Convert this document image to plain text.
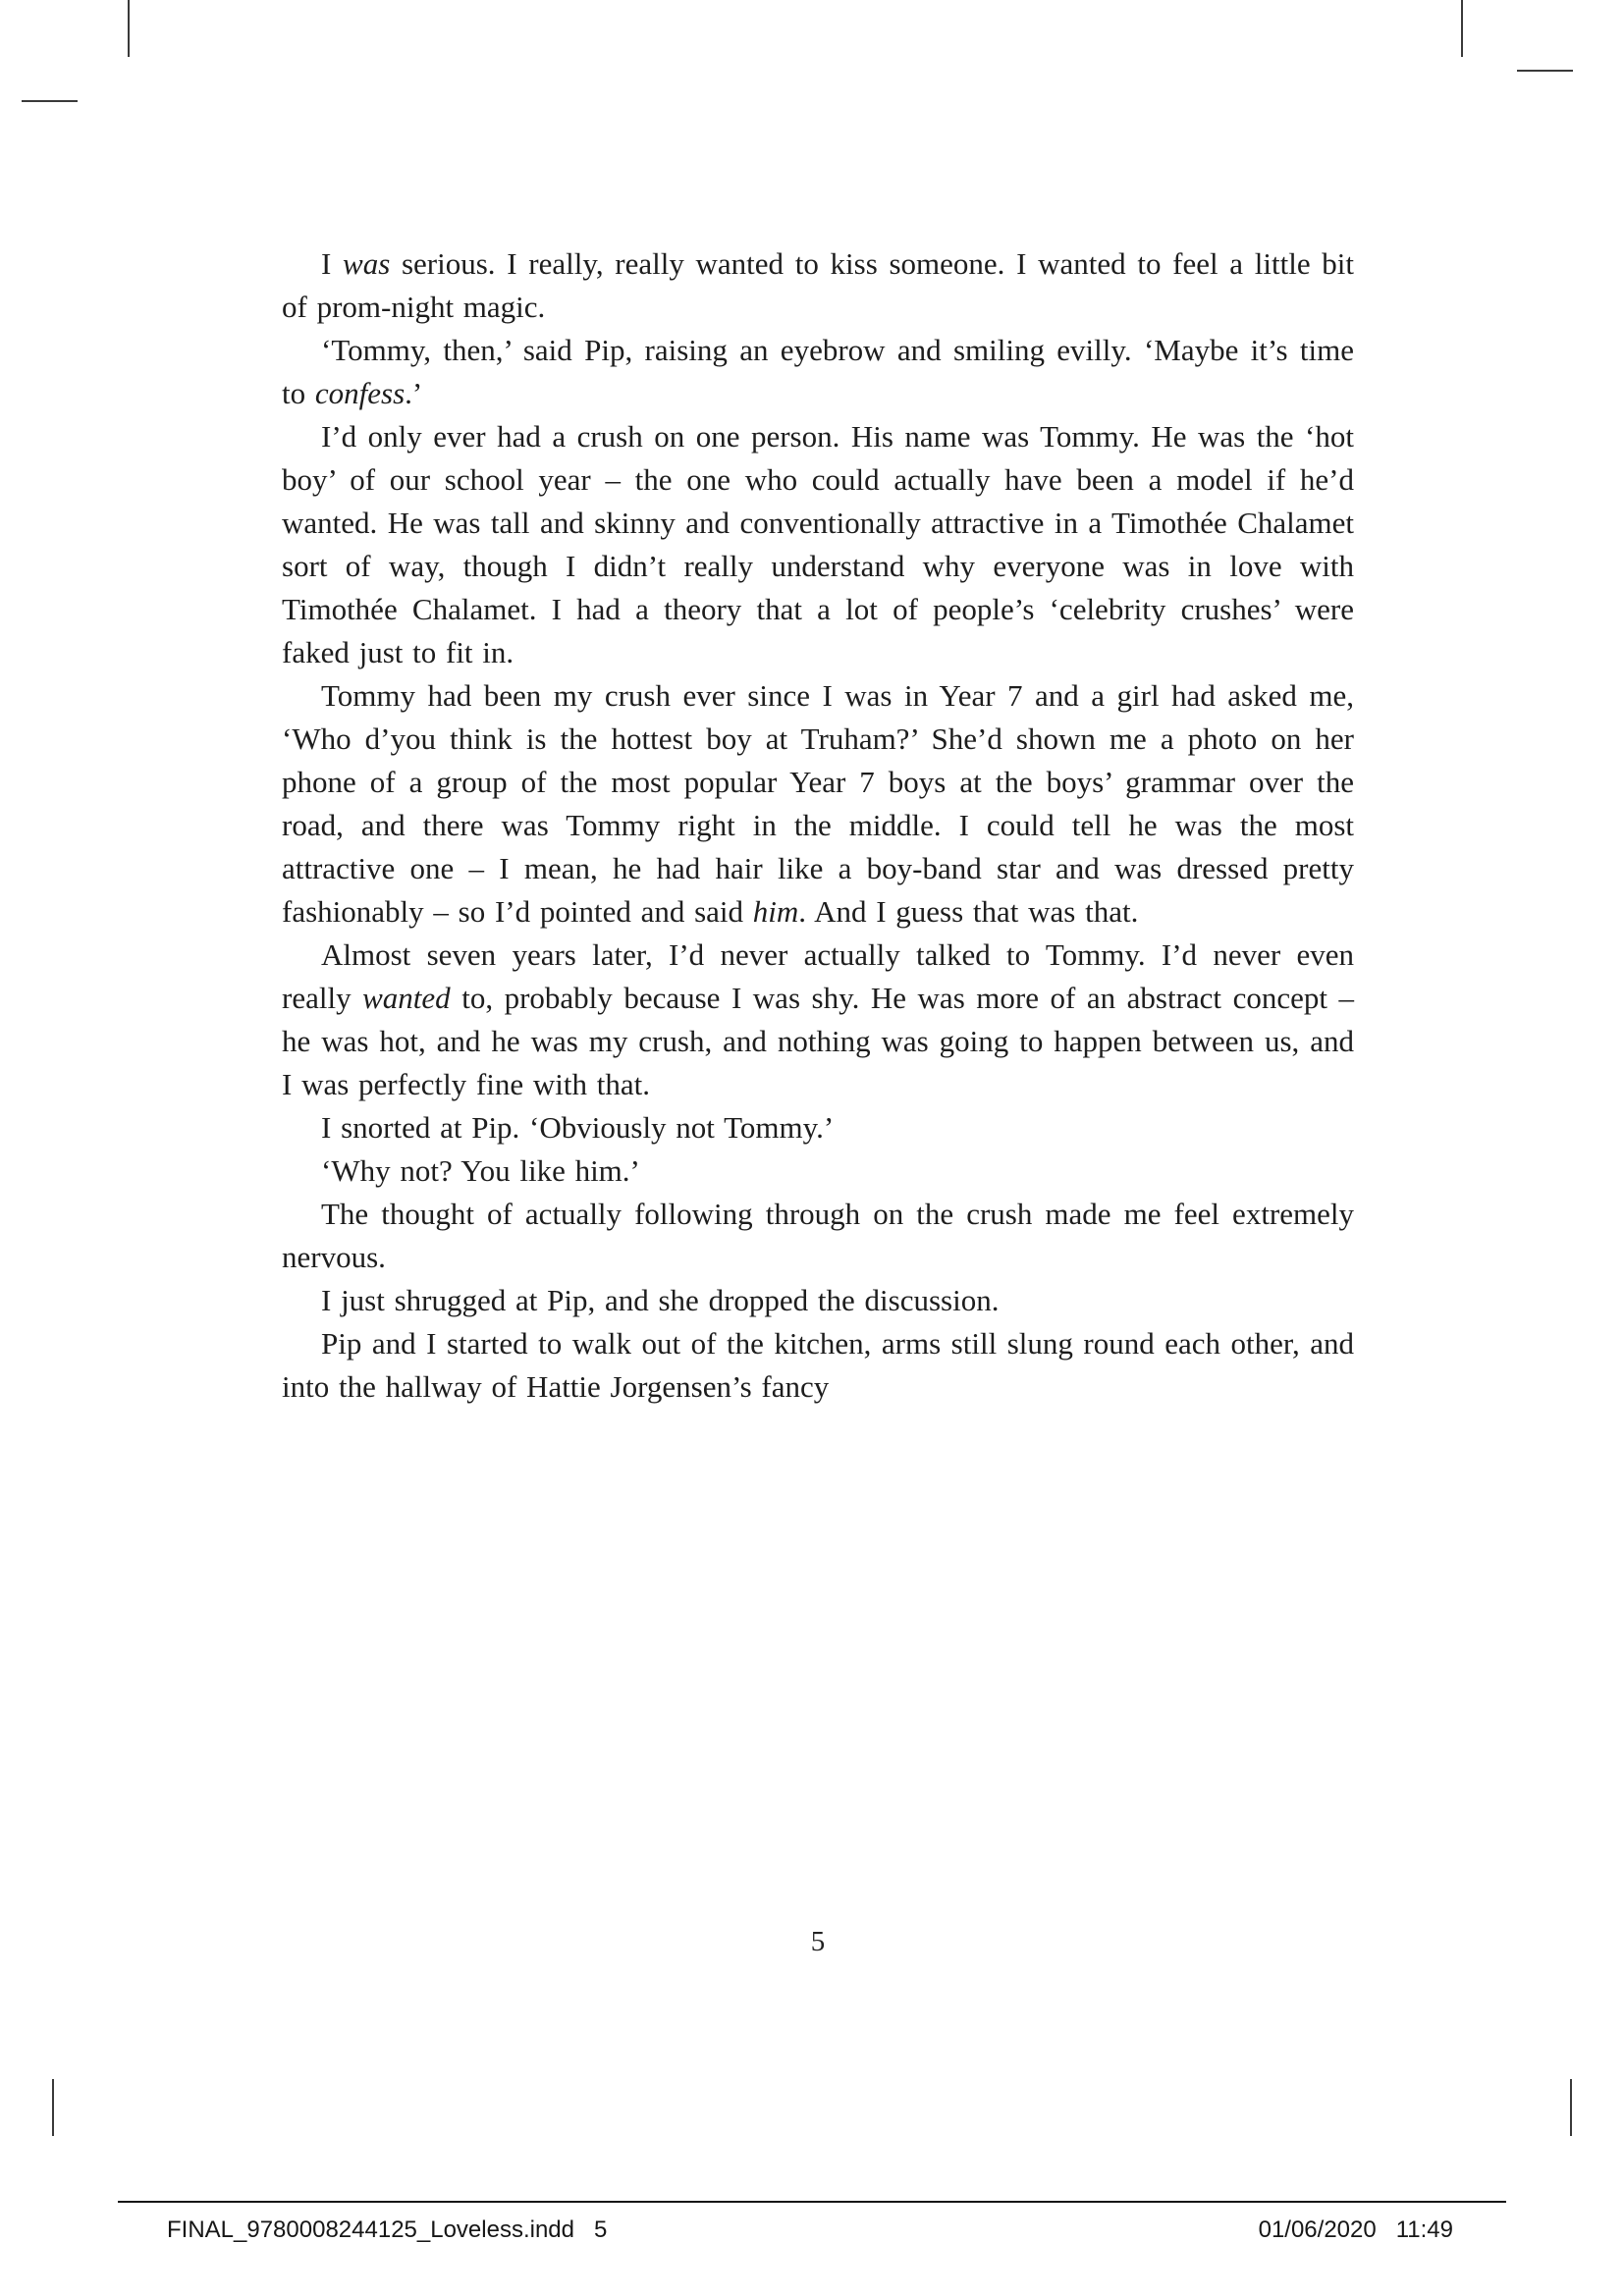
I was serious. I really, really wanted to kiss someone. I wanted to feel a little bit of prom-night magic.

‘Tommy, then,’ said Pip, raising an eyebrow and smiling evilly. ‘Maybe it’s time to confess.’

I’d only ever had a crush on one person. His name was Tommy. He was the ‘hot boy’ of our school year – the one who could actually have been a model if he’d wanted. He was tall and skinny and conventionally attractive in a Timothée Chalamet sort of way, though I didn’t really understand why everyone was in love with Timothée Chalamet. I had a theory that a lot of people’s ‘celebrity crushes’ were faked just to fit in.

Tommy had been my crush ever since I was in Year 7 and a girl had asked me, ‘Who d’you think is the hottest boy at Truham?’ She’d shown me a photo on her phone of a group of the most popular Year 7 boys at the boys’ grammar over the road, and there was Tommy right in the middle. I could tell he was the most attractive one – I mean, he had hair like a boy-band star and was dressed pretty fashionably – so I’d pointed and said him. And I guess that was that.

Almost seven years later, I’d never actually talked to Tommy. I’d never even really wanted to, probably because I was shy. He was more of an abstract concept – he was hot, and he was my crush, and nothing was going to happen between us, and I was perfectly fine with that.

I snorted at Pip. ‘Obviously not Tommy.’

‘Why not? You like him.’

The thought of actually following through on the crush made me feel extremely nervous.

I just shrugged at Pip, and she dropped the discussion.

Pip and I started to walk out of the kitchen, arms still slung round each other, and into the hallway of Hattie Jorgensen’s fancy

5
FINAL_9780008244125_Loveless.indd   5	01/06/2020   11:49
